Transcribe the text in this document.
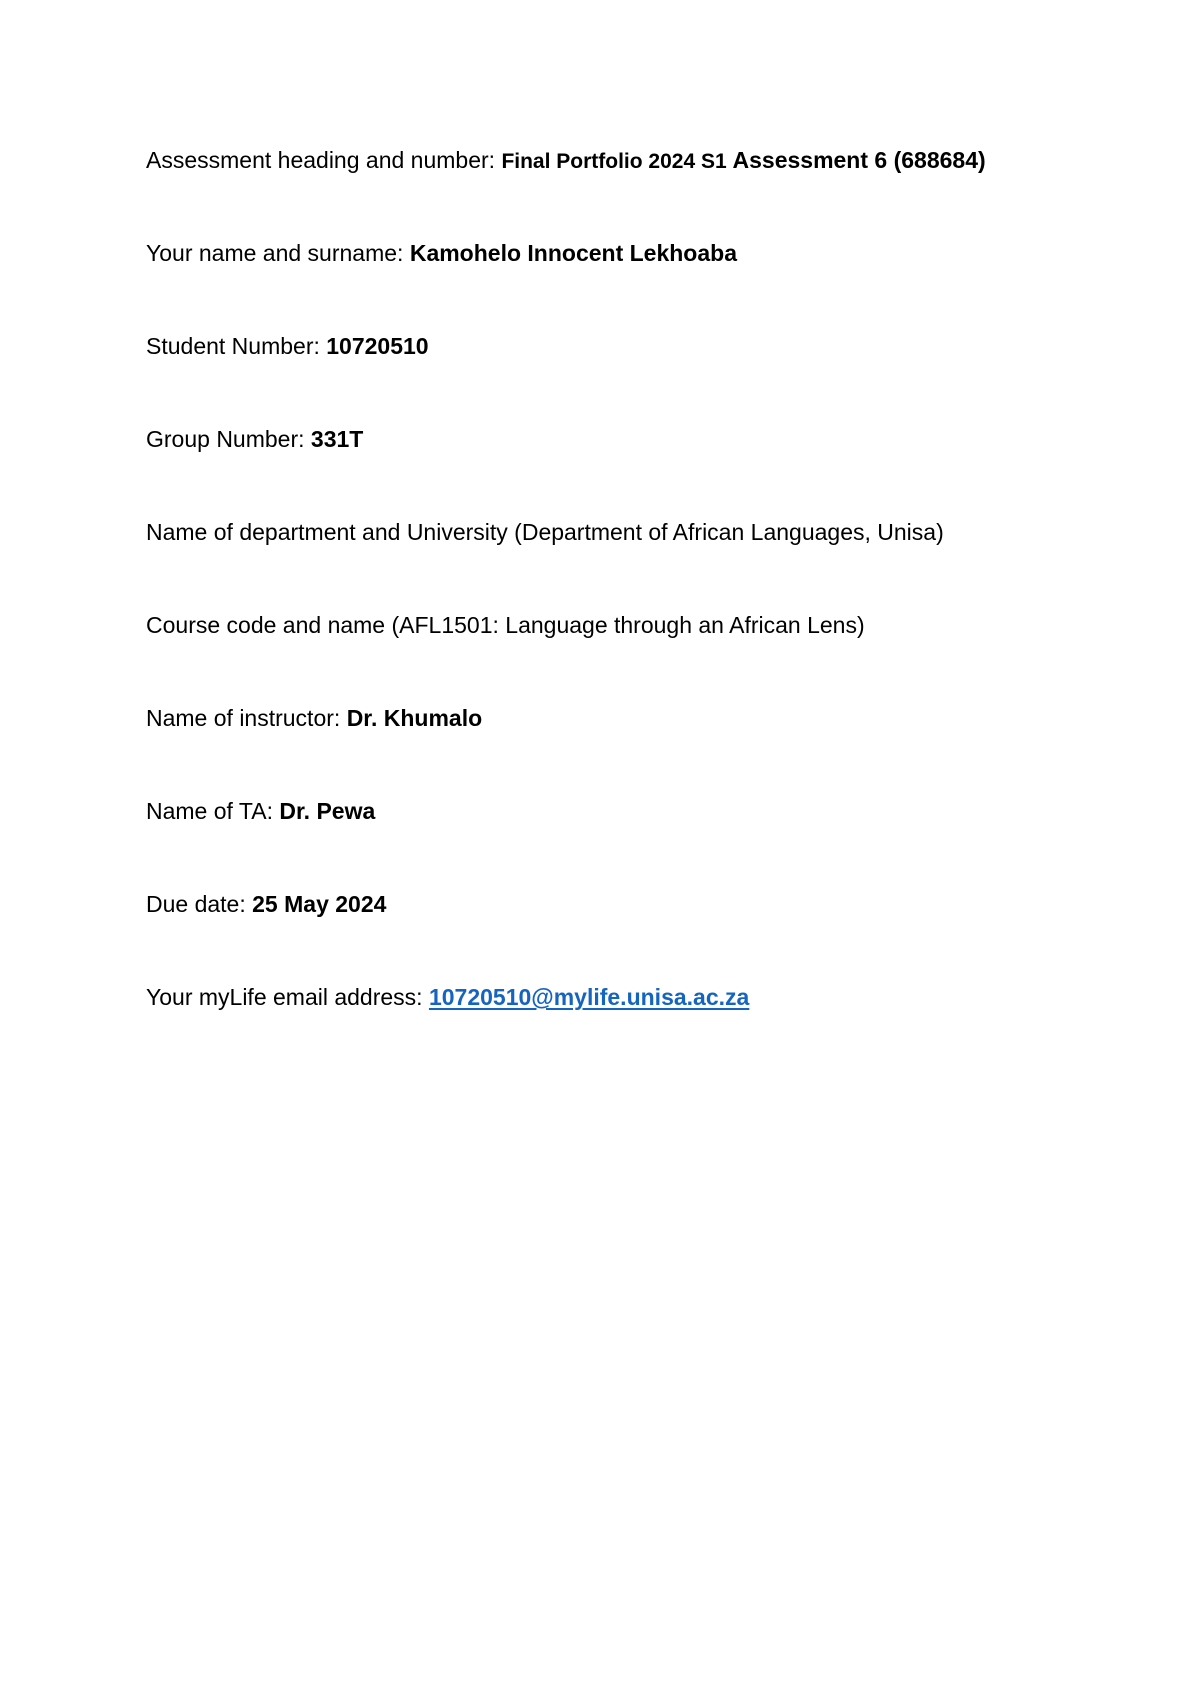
Assessment heading and number: Final Portfolio 2024 S1 Assessment 6 (688684)
Your name and surname: Kamohelo Innocent Lekhoaba
Student Number: 10720510
Group Number: 331T
Name of department and University (Department of African Languages, Unisa)
Course code and name (AFL1501: Language through an African Lens)
Name of instructor: Dr. Khumalo
Name of TA: Dr. Pewa
Due date: 25 May 2024
Your myLife email address: 10720510@mylife.unisa.ac.za
